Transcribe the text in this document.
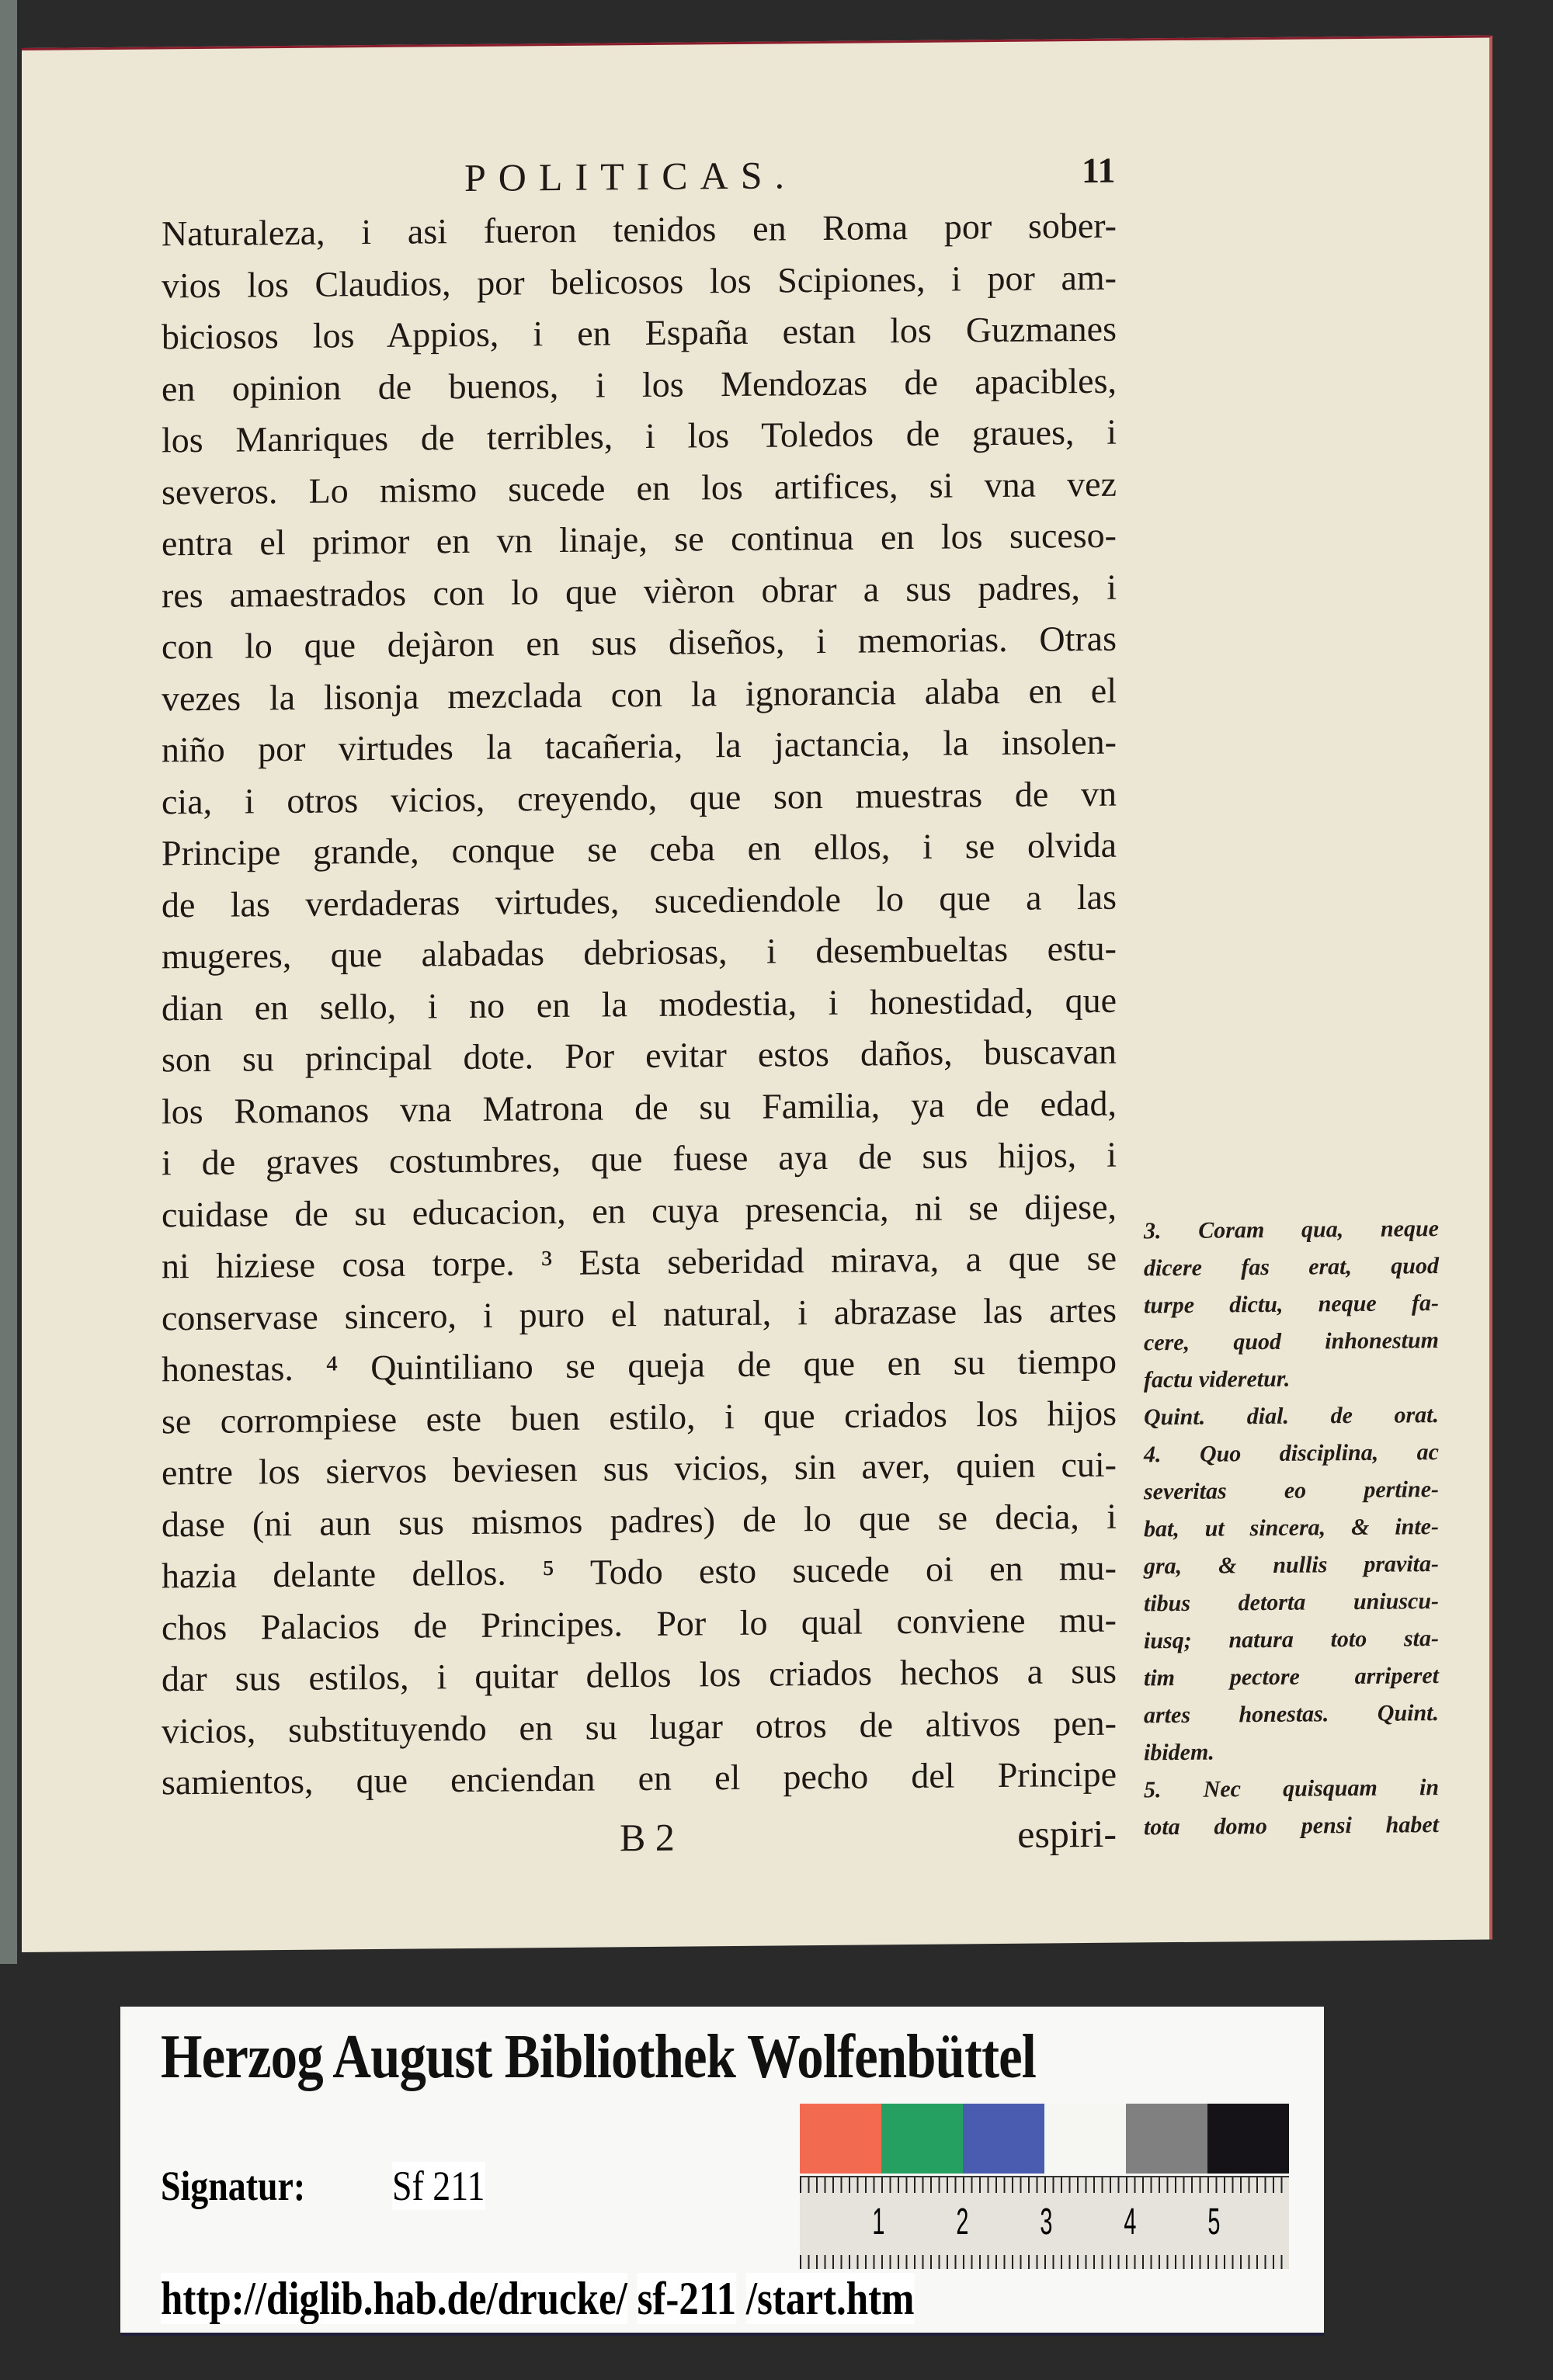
POLITICAS.	11
Naturaleza, i asi fueron tenidos en Roma por sober-
vios los Claudios, por belicosos los Scipiones, i por am-
biciosos los Appios, i en España estan los Guzmanes
en opinion de buenos, i los Mendozas de apacibles,
los Manriques de terribles, i los Toledos de graues, i
severos. Lo mismo sucede en los artifices, si vna vez
entra el primor en vn linaje, se continua en los suceso-
res amaestrados con lo que vièron obrar a sus padres, i
con lo que dejàron en sus diseños, i memorias. Otras
vezes la lisonja mezclada con la ignorancia alaba en el
niño por virtudes la tacañeria, la jactancia, la insolen-
cia, i otros vicios, creyendo, que son muestras de vn
Principe grande, conque se ceba en ellos, i se olvida
de las verdaderas virtudes, sucediendole lo que a las
mugeres, que alabadas debriosas, i desembueltas estu-
dian en sello, i no en la modestia, i honestidad, que
son su principal dote. Por evitar estos daños, buscavan
los Romanos vna Matrona de su Familia, ya de edad,
i de graves costumbres, que fuese aya de sus hijos, i
cuidase de su educacion, en cuya presencia, ni se dijese,
ni hiziese cosa torpe. ³ Esta seberidad mirava, a que se
conservase sincero, i puro el natural, i abrazase las artes
honestas. ⁴ Quintiliano se queja de que en su tiempo
se corrompiese este buen estilo, i que criados los hijos
entre los siervos beviesen sus vicios, sin aver, quien cui-
dase (ni aun sus mismos padres) de lo que se decia, i
hazia delante dellos. ⁵ Todo esto sucede oi en mu-
chos Palacios de Principes. Por lo qual conviene mu-
dar sus estilos, i quitar dellos los criados hechos a sus
vicios, substituyendo en su lugar otros de altivos pen-
samientos, que enciendan en el pecho del Principe
B 2	espiri-
3. Coram qua, neque
dicere fas erat, quod
turpe dictu, neque fa-
cere, quod inhonestum
factu videretur.
Quint. dial. de orat.
4. Quo disciplina, ac
severitas eo pertine-
bat, ut sincera, & inte-
gra, & nullis pravita-
tibus detorta uniuscu-
iusq; natura toto sta-
tim pectore arriperet
artes honestas. Quint.
ibidem.
5. Nec quisquam in
tota domo pensi habet
Herzog August Bibliothek Wolfenbüttel
Signatur: Sf 211
1 2 3 4 5
http://diglib.hab.de/drucke/ sf-211 /start.htm
